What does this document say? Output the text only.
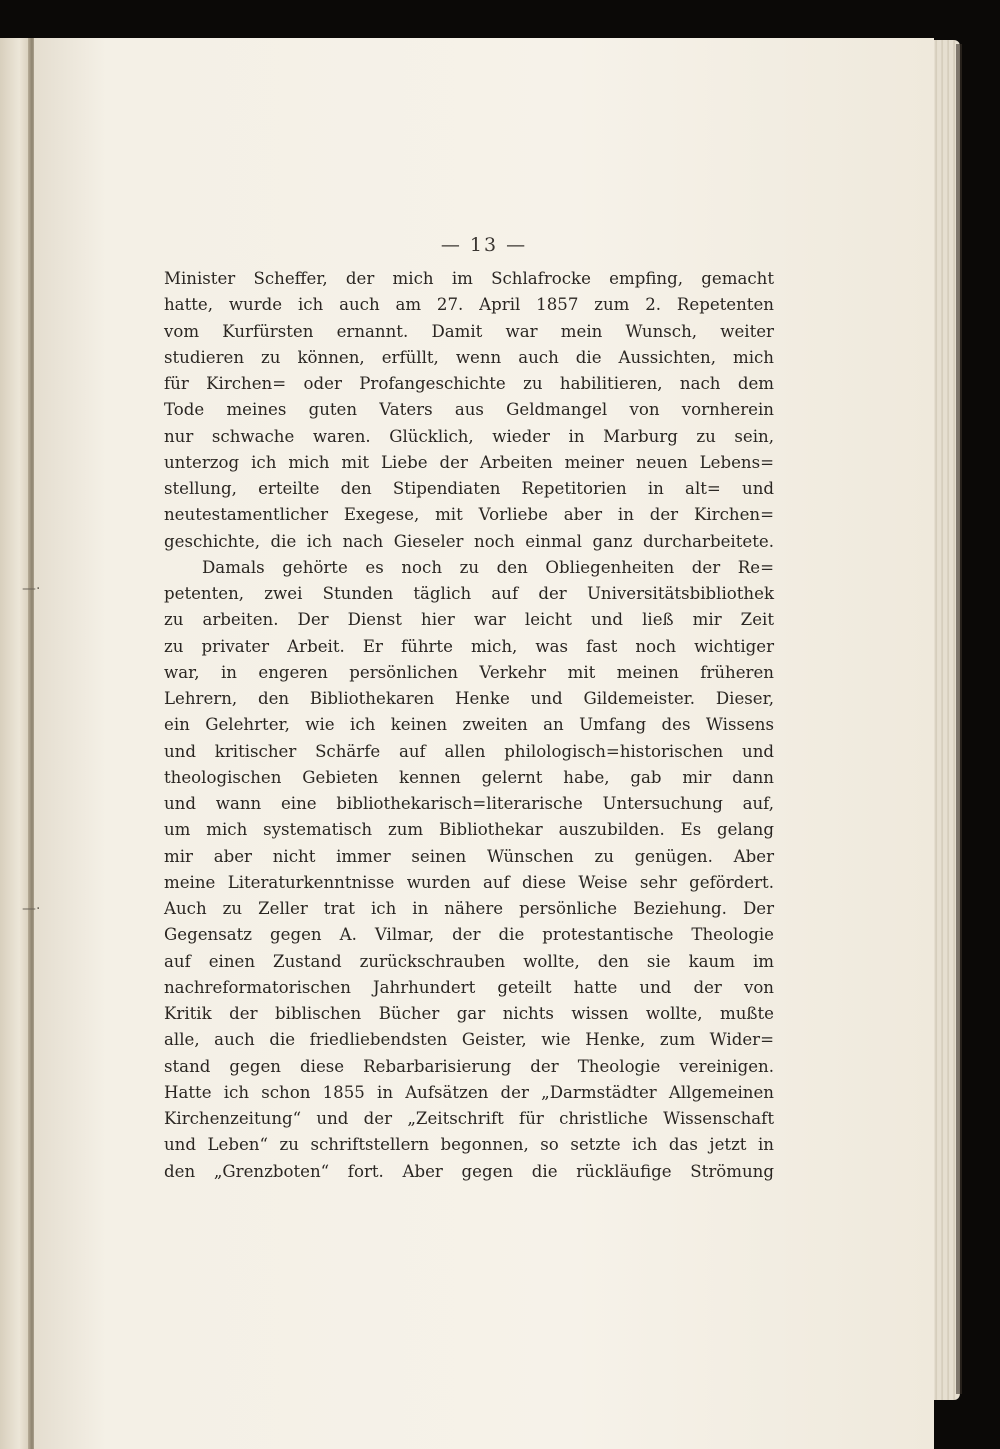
— 13 —
Minister Scheffer, der mich im Schlafrocke empfing, gemacht
hatte, wurde ich auch am 27. April 1857 zum 2. Repetenten
vom Kurfürsten ernannt. Damit war mein Wunsch, weiter
studieren zu können, erfüllt, wenn auch die Aussichten, mich
für Kirchen= oder Profangeschichte zu habilitieren, nach dem
Tode meines guten Vaters aus Geldmangel von vornherein
nur schwache waren. Glücklich, wieder in Marburg zu sein,
unterzog ich mich mit Liebe der Arbeiten meiner neuen Lebens=
stellung, erteilte den Stipendiaten Repetitorien in alt= und
neutestamentlicher Exegese, mit Vorliebe aber in der Kirchen=
geschichte, die ich nach Gieseler noch einmal ganz durcharbeitete.
Damals gehörte es noch zu den Obliegenheiten der Re=
petenten, zwei Stunden täglich auf der Universitätsbibliothek
zu arbeiten. Der Dienst hier war leicht und ließ mir Zeit
zu privater Arbeit. Er führte mich, was fast noch wichtiger
war, in engeren persönlichen Verkehr mit meinen früheren
Lehrern, den Bibliothekaren Henke und Gildemeister. Dieser,
ein Gelehrter, wie ich keinen zweiten an Umfang des Wissens
und kritischer Schärfe auf allen philologisch=historischen und
theologischen Gebieten kennen gelernt habe, gab mir dann
und wann eine bibliothekarisch=literarische Untersuchung auf,
um mich systematisch zum Bibliothekar auszubilden. Es gelang
mir aber nicht immer seinen Wünschen zu genügen. Aber
meine Literaturkenntnisse wurden auf diese Weise sehr gefördert.
Auch zu Zeller trat ich in nähere persönliche Beziehung. Der
Gegensatz gegen A. Vilmar, der die protestantische Theologie
auf einen Zustand zurückschrauben wollte, den sie kaum im
nachreformatorischen Jahrhundert geteilt hatte und der von
Kritik der biblischen Bücher gar nichts wissen wollte, mußte
alle, auch die friedliebendsten Geister, wie Henke, zum Wider=
stand gegen diese Rebarbarisierung der Theologie vereinigen.
Hatte ich schon 1855 in Aufsätzen der „Darmstädter Allgemeinen
Kirchenzeitung“ und der „Zeitschrift für christliche Wissenschaft
und Leben“ zu schriftstellern begonnen, so setzte ich das jetzt in
den „Grenzboten“ fort. Aber gegen die rückläufige Strömung
—·
—·
